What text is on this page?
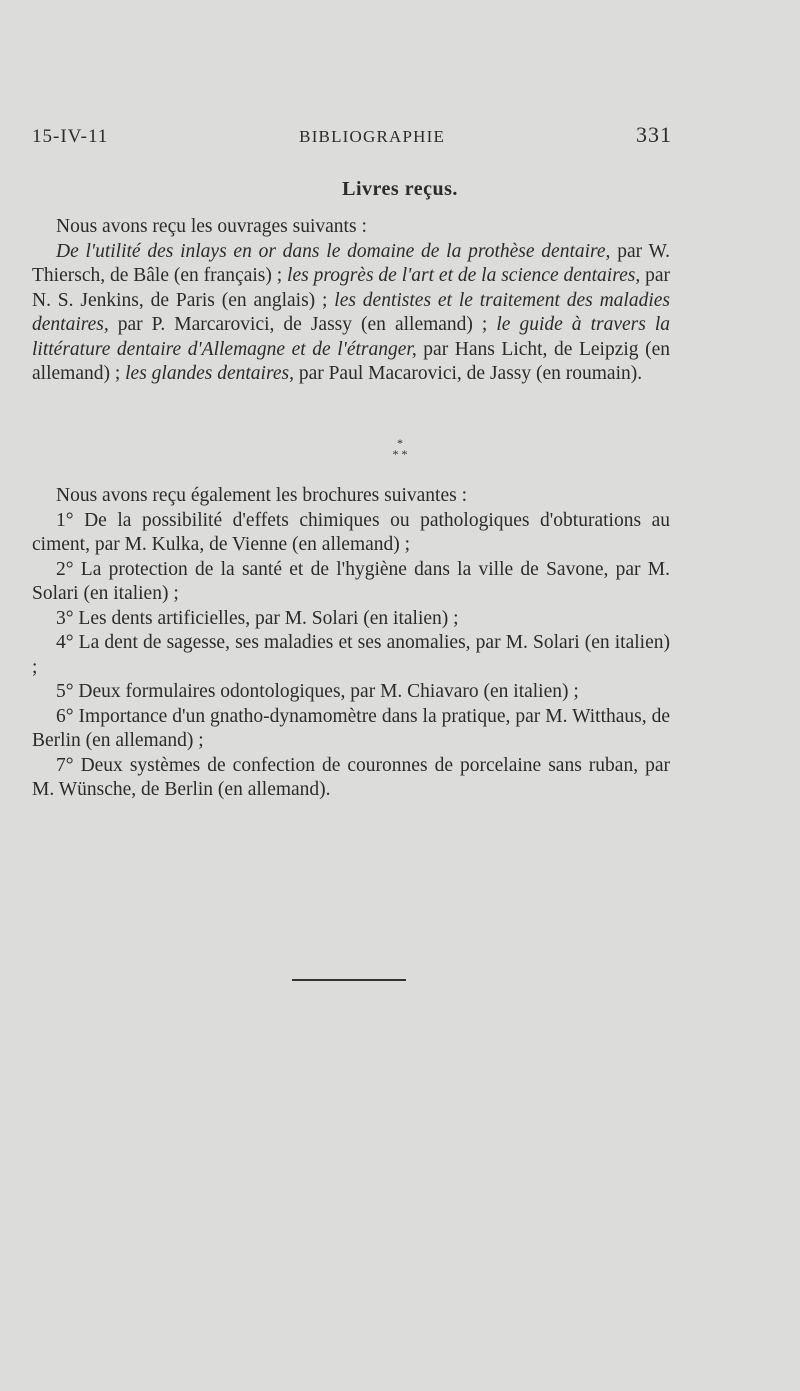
15-IV-11	BIBLIOGRAPHIE	331
Livres reçus.

Nous avons reçu les ouvrages suivants :

De l'utilité des inlays en or dans le domaine de la prothèse dentaire, par W. Thiersch, de Bâle (en français) ; les progrès de l'art et de la science dentaires, par N. S. Jenkins, de Paris (en anglais) ; les dentistes et le traitement des maladies dentaires, par P. Marcarovici, de Jassy (en allemand) ; le guide à travers la littérature dentaire d'Allemagne et de l'étranger, par Hans Licht, de Leipzig (en allemand) ; les glandes dentaires, par Paul Macarovici, de Jassy (en roumain).

*
* *

Nous avons reçu également les brochures suivantes :

1° De la possibilité d'effets chimiques ou pathologiques d'obturations au ciment, par M. Kulka, de Vienne (en allemand) ;

2° La protection de la santé et de l'hygiène dans la ville de Savone, par M. Solari (en italien) ;

3° Les dents artificielles, par M. Solari (en italien) ;

4° La dent de sagesse, ses maladies et ses anomalies, par M. Solari (en italien) ;

5° Deux formulaires odontologiques, par M. Chiavaro (en italien) ;

6° Importance d'un gnatho-dynamomètre dans la pratique, par M. Witthaus, de Berlin (en allemand) ;

7° Deux systèmes de confection de couronnes de porcelaine sans ruban, par M. Wünsche, de Berlin (en allemand).
